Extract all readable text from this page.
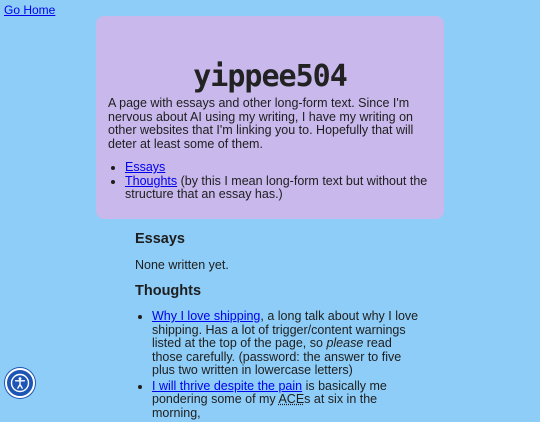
Go Home
yippee504

A page with essays and other long-form text. Since I'm nervous about AI using my writing, I have my writing on other websites that I'm linking you to. Hopefully that will deter at least some of them.

• Essays
• Thoughts (by this I mean long-form text but without the structure that an essay has.)
Essays

None written yet.

Thoughts
• Why I love shipping, a long talk about why I love shipping. Has a lot of trigger/content warnings listed at the top of the page, so please read those carefully. (password: the answer to five plus two written in lowercase letters)
• I will thrive despite the pain is basically me pondering some of my ACEs at six in the morning,
